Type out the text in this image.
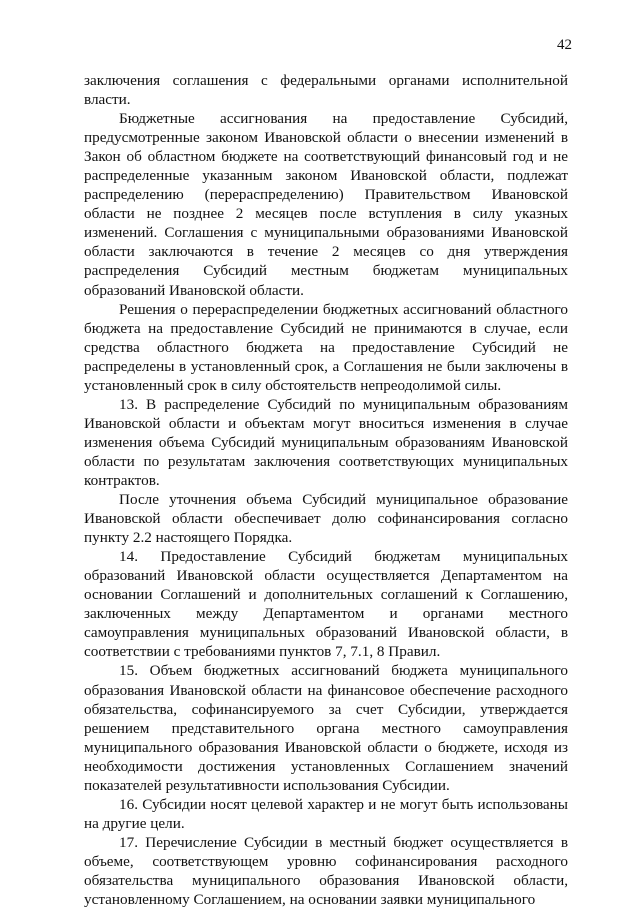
42

заключения соглашения с федеральными органами исполнительной власти.

Бюджетные ассигнования на предоставление Субсидий, предусмотренные законом Ивановской области о внесении изменений в Закон об областном бюджете на соответствующий финансовый год и не распределенные указанным законом Ивановской области, подлежат распределению (перераспределению) Правительством Ивановской области не позднее 2 месяцев после вступления в силу указных изменений. Соглашения с муниципальными образованиями Ивановской области заключаются в течение 2 месяцев со дня утверждения распределения Субсидий местным бюджетам муниципальных образований Ивановской области.

Решения о перераспределении бюджетных ассигнований областного бюджета на предоставление Субсидий не принимаются в случае, если средства областного бюджета на предоставление Субсидий не распределены в установленный срок, а Соглашения не были заключены в установленный срок в силу обстоятельств непреодолимой силы.

13. В распределение Субсидий по муниципальным образованиям Ивановской области и объектам могут вноситься изменения в случае изменения объема Субсидий муниципальным образованиям Ивановской области по результатам заключения соответствующих муниципальных контрактов.

После уточнения объема Субсидий муниципальное образование Ивановской области обеспечивает долю софинансирования согласно пункту 2.2 настоящего Порядка.

14. Предоставление Субсидий бюджетам муниципальных образований Ивановской области осуществляется Департаментом на основании Соглашений и дополнительных соглашений к Соглашению, заключенных между Департаментом и органами местного самоуправления муниципальных образований Ивановской области, в соответствии с требованиями пунктов 7, 7.1, 8 Правил.

15. Объем бюджетных ассигнований бюджета муниципального образования Ивановской области на финансовое обеспечение расходного обязательства, софинансируемого за счет Субсидии, утверждается решением представительного органа местного самоуправления муниципального образования Ивановской области о бюджете, исходя из необходимости достижения установленных Соглашением значений показателей результативности использования Субсидии.

16. Субсидии носят целевой характер и не могут быть использованы на другие цели.

17. Перечисление Субсидии в местный бюджет осуществляется в объеме, соответствующем уровню софинансирования расходного обязательства муниципального образования Ивановской области, установленному Соглашением, на основании заявки муниципального
